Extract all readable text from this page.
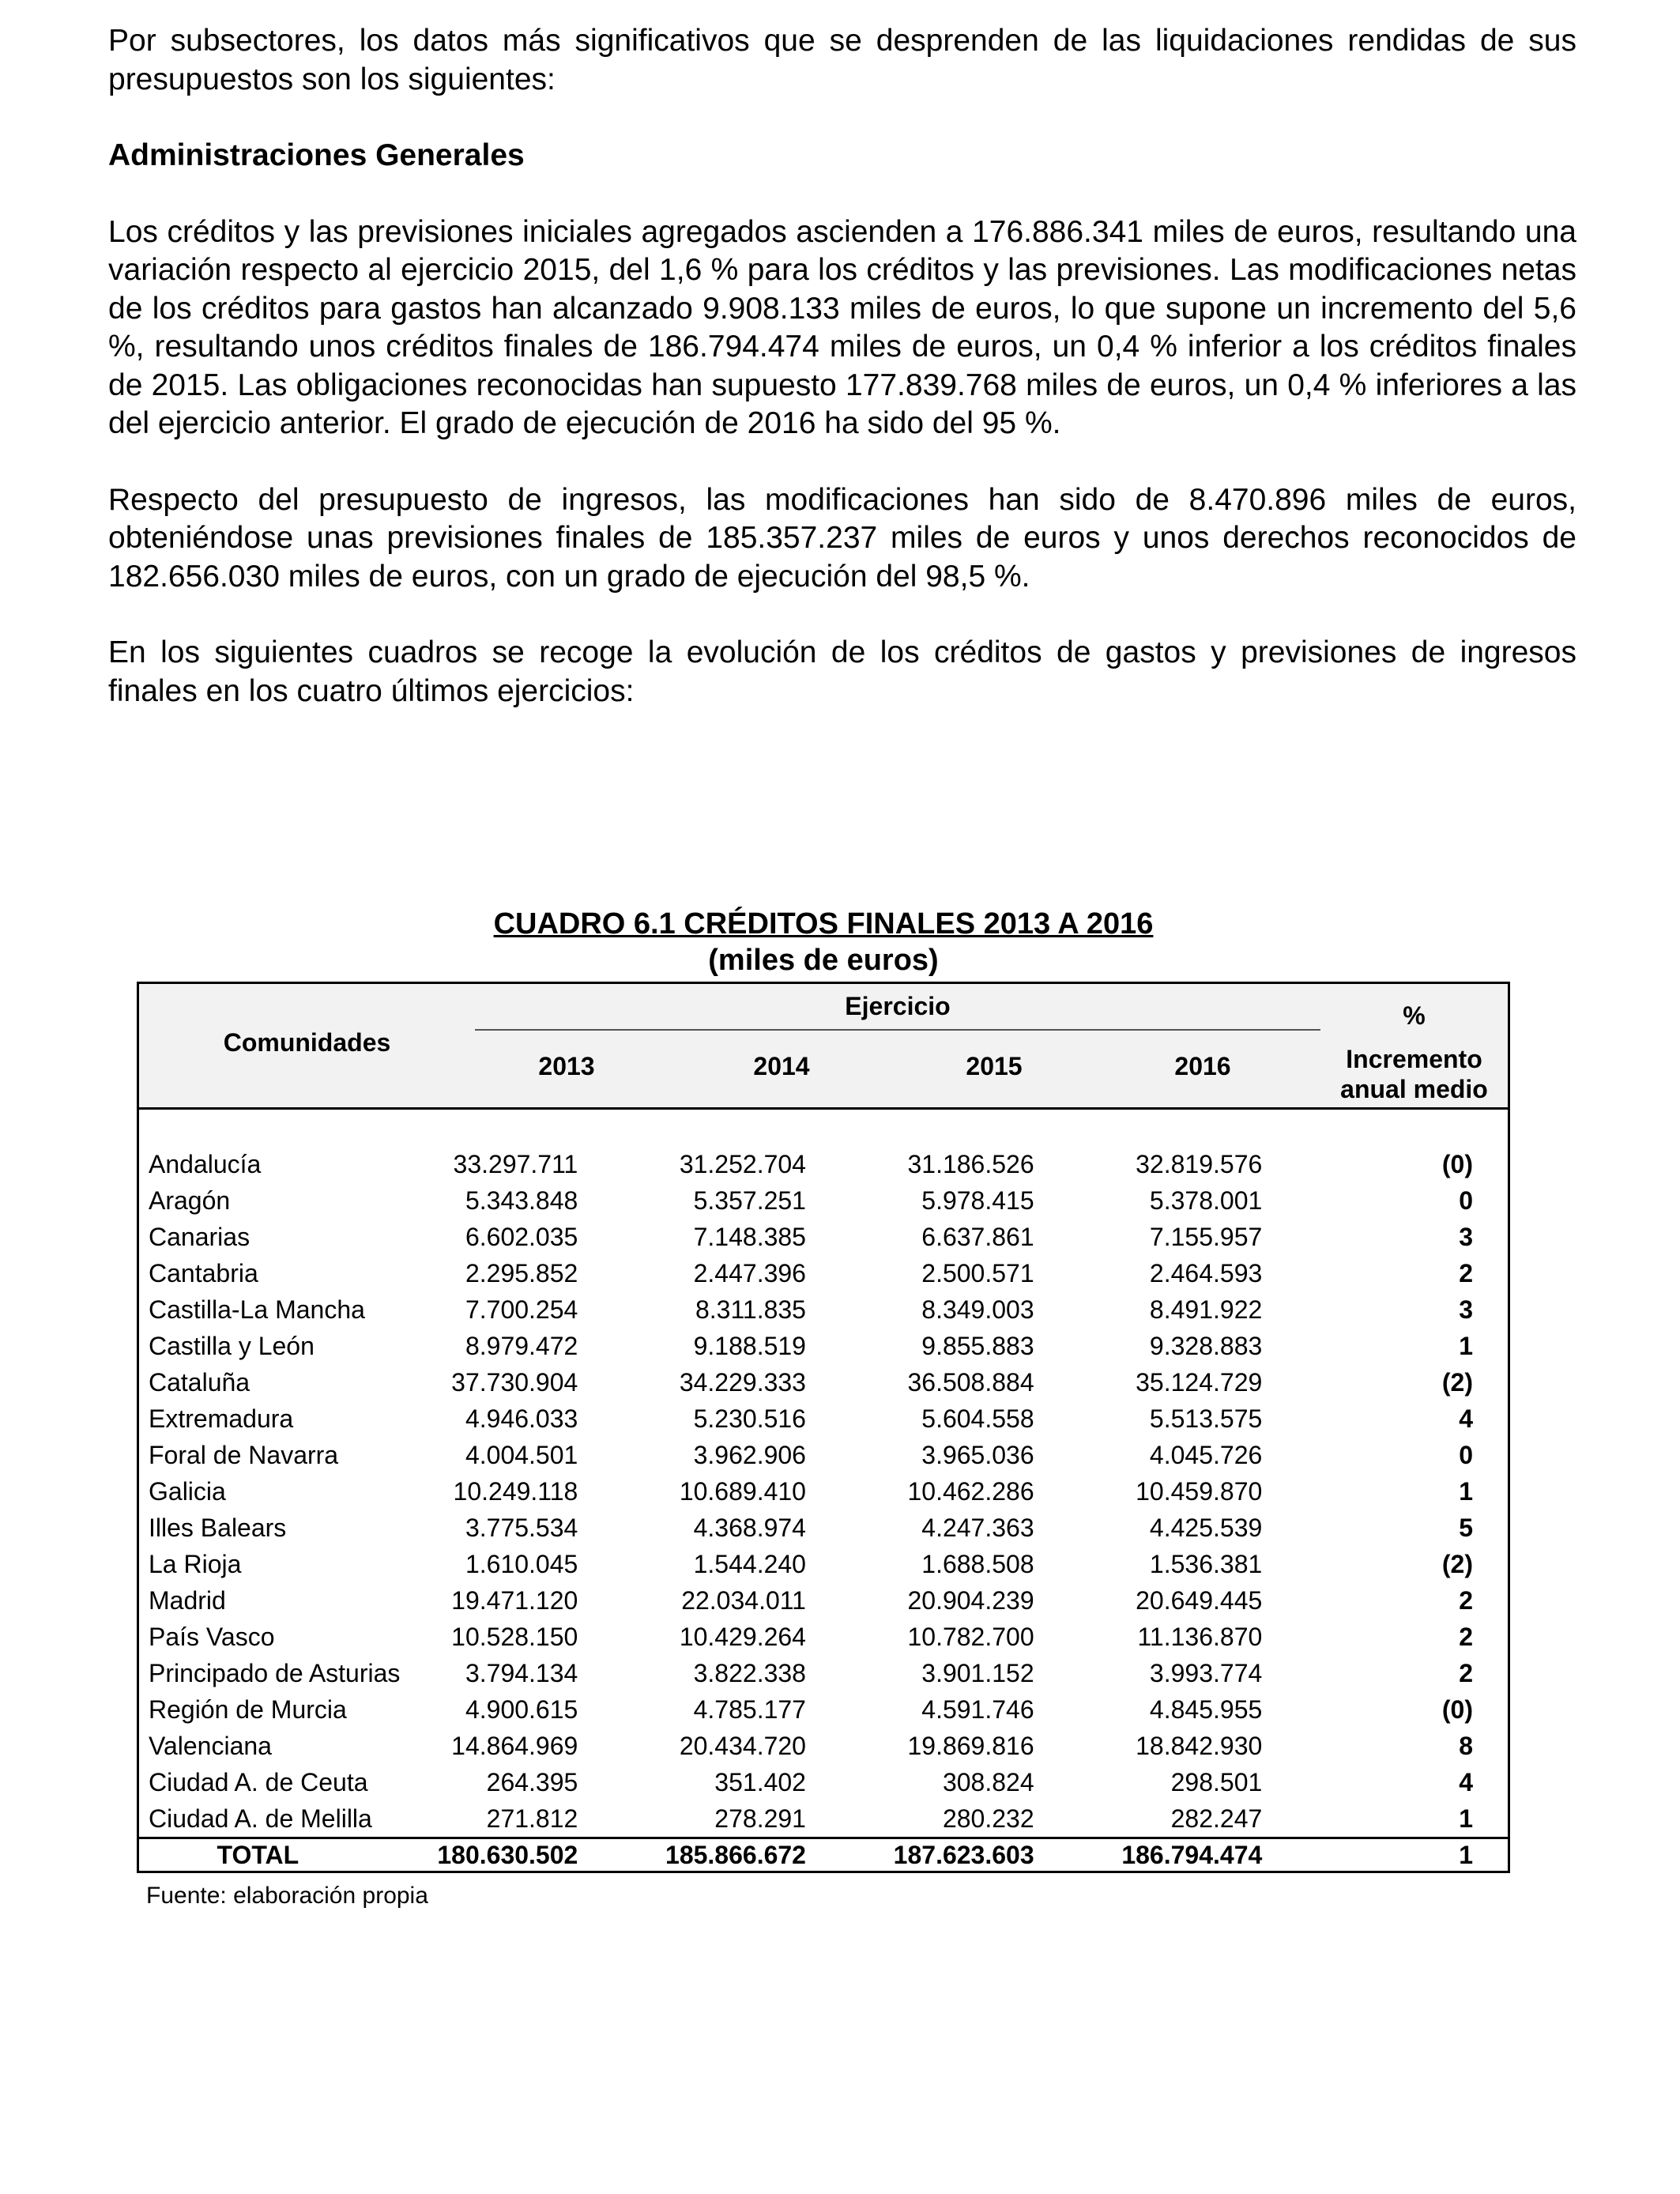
Por subsectores, los datos más significativos que se desprenden de las liquidaciones rendidas de sus presupuestos son los siguientes:

Administraciones Generales

Los créditos y las previsiones iniciales agregados ascienden a 176.886.341 miles de euros, resultando una variación respecto al ejercicio 2015, del 1,6 % para los créditos y las previsiones. Las modificaciones netas de los créditos para gastos han alcanzado 9.908.133 miles de euros, lo que supone un incremento del 5,6 %, resultando unos créditos finales de 186.794.474 miles de euros, un 0,4 % inferior a los créditos finales de 2015. Las obligaciones reconocidas han supuesto 177.839.768 miles de euros, un 0,4 % inferiores a las del ejercicio anterior. El grado de ejecución de 2016 ha sido del 95 %.

Respecto del presupuesto de ingresos, las modificaciones han sido de 8.470.896 miles de euros, obteniéndose unas previsiones finales de 185.357.237 miles de euros y unos derechos reconocidos de 182.656.030 miles de euros, con un grado de ejecución del 98,5 %.

En los siguientes cuadros se recoge la evolución de los créditos de gastos y previsiones de ingresos finales en los cuatro últimos ejercicios:

CUADRO 6.1 CRÉDITOS FINALES 2013 A 2016

(miles de euros)

Comunidades
Ejercicio
2013	2014	2015	2016
%
Incremento
anual medio

Andalucía	33.297.711	31.252.704	31.186.526	32.819.576	(0)
Aragón	5.343.848	5.357.251	5.978.415	5.378.001	0
Canarias	6.602.035	7.148.385	6.637.861	7.155.957	3
Cantabria	2.295.852	2.447.396	2.500.571	2.464.593	2
Castilla-La Mancha	7.700.254	8.311.835	8.349.003	8.491.922	3
Castilla y León	8.979.472	9.188.519	9.855.883	9.328.883	1
Cataluña	37.730.904	34.229.333	36.508.884	35.124.729	(2)
Extremadura	4.946.033	5.230.516	5.604.558	5.513.575	4
Foral de Navarra	4.004.501	3.962.906	3.965.036	4.045.726	0
Galicia	10.249.118	10.689.410	10.462.286	10.459.870	1
Illes Balears	3.775.534	4.368.974	4.247.363	4.425.539	5
La Rioja	1.610.045	1.544.240	1.688.508	1.536.381	(2)
Madrid	19.471.120	22.034.011	20.904.239	20.649.445	2
País Vasco	10.528.150	10.429.264	10.782.700	11.136.870	2
Principado de Asturias	3.794.134	3.822.338	3.901.152	3.993.774	2
Región de Murcia	4.900.615	4.785.177	4.591.746	4.845.955	(0)
Valenciana	14.864.969	20.434.720	19.869.816	18.842.930	8
Ciudad A. de Ceuta	264.395	351.402	308.824	298.501	4
Ciudad A. de Melilla	271.812	278.291	280.232	282.247	1
TOTAL	180.630.502	185.866.672	187.623.603	186.794.474	1
Fuente: elaboración propia
